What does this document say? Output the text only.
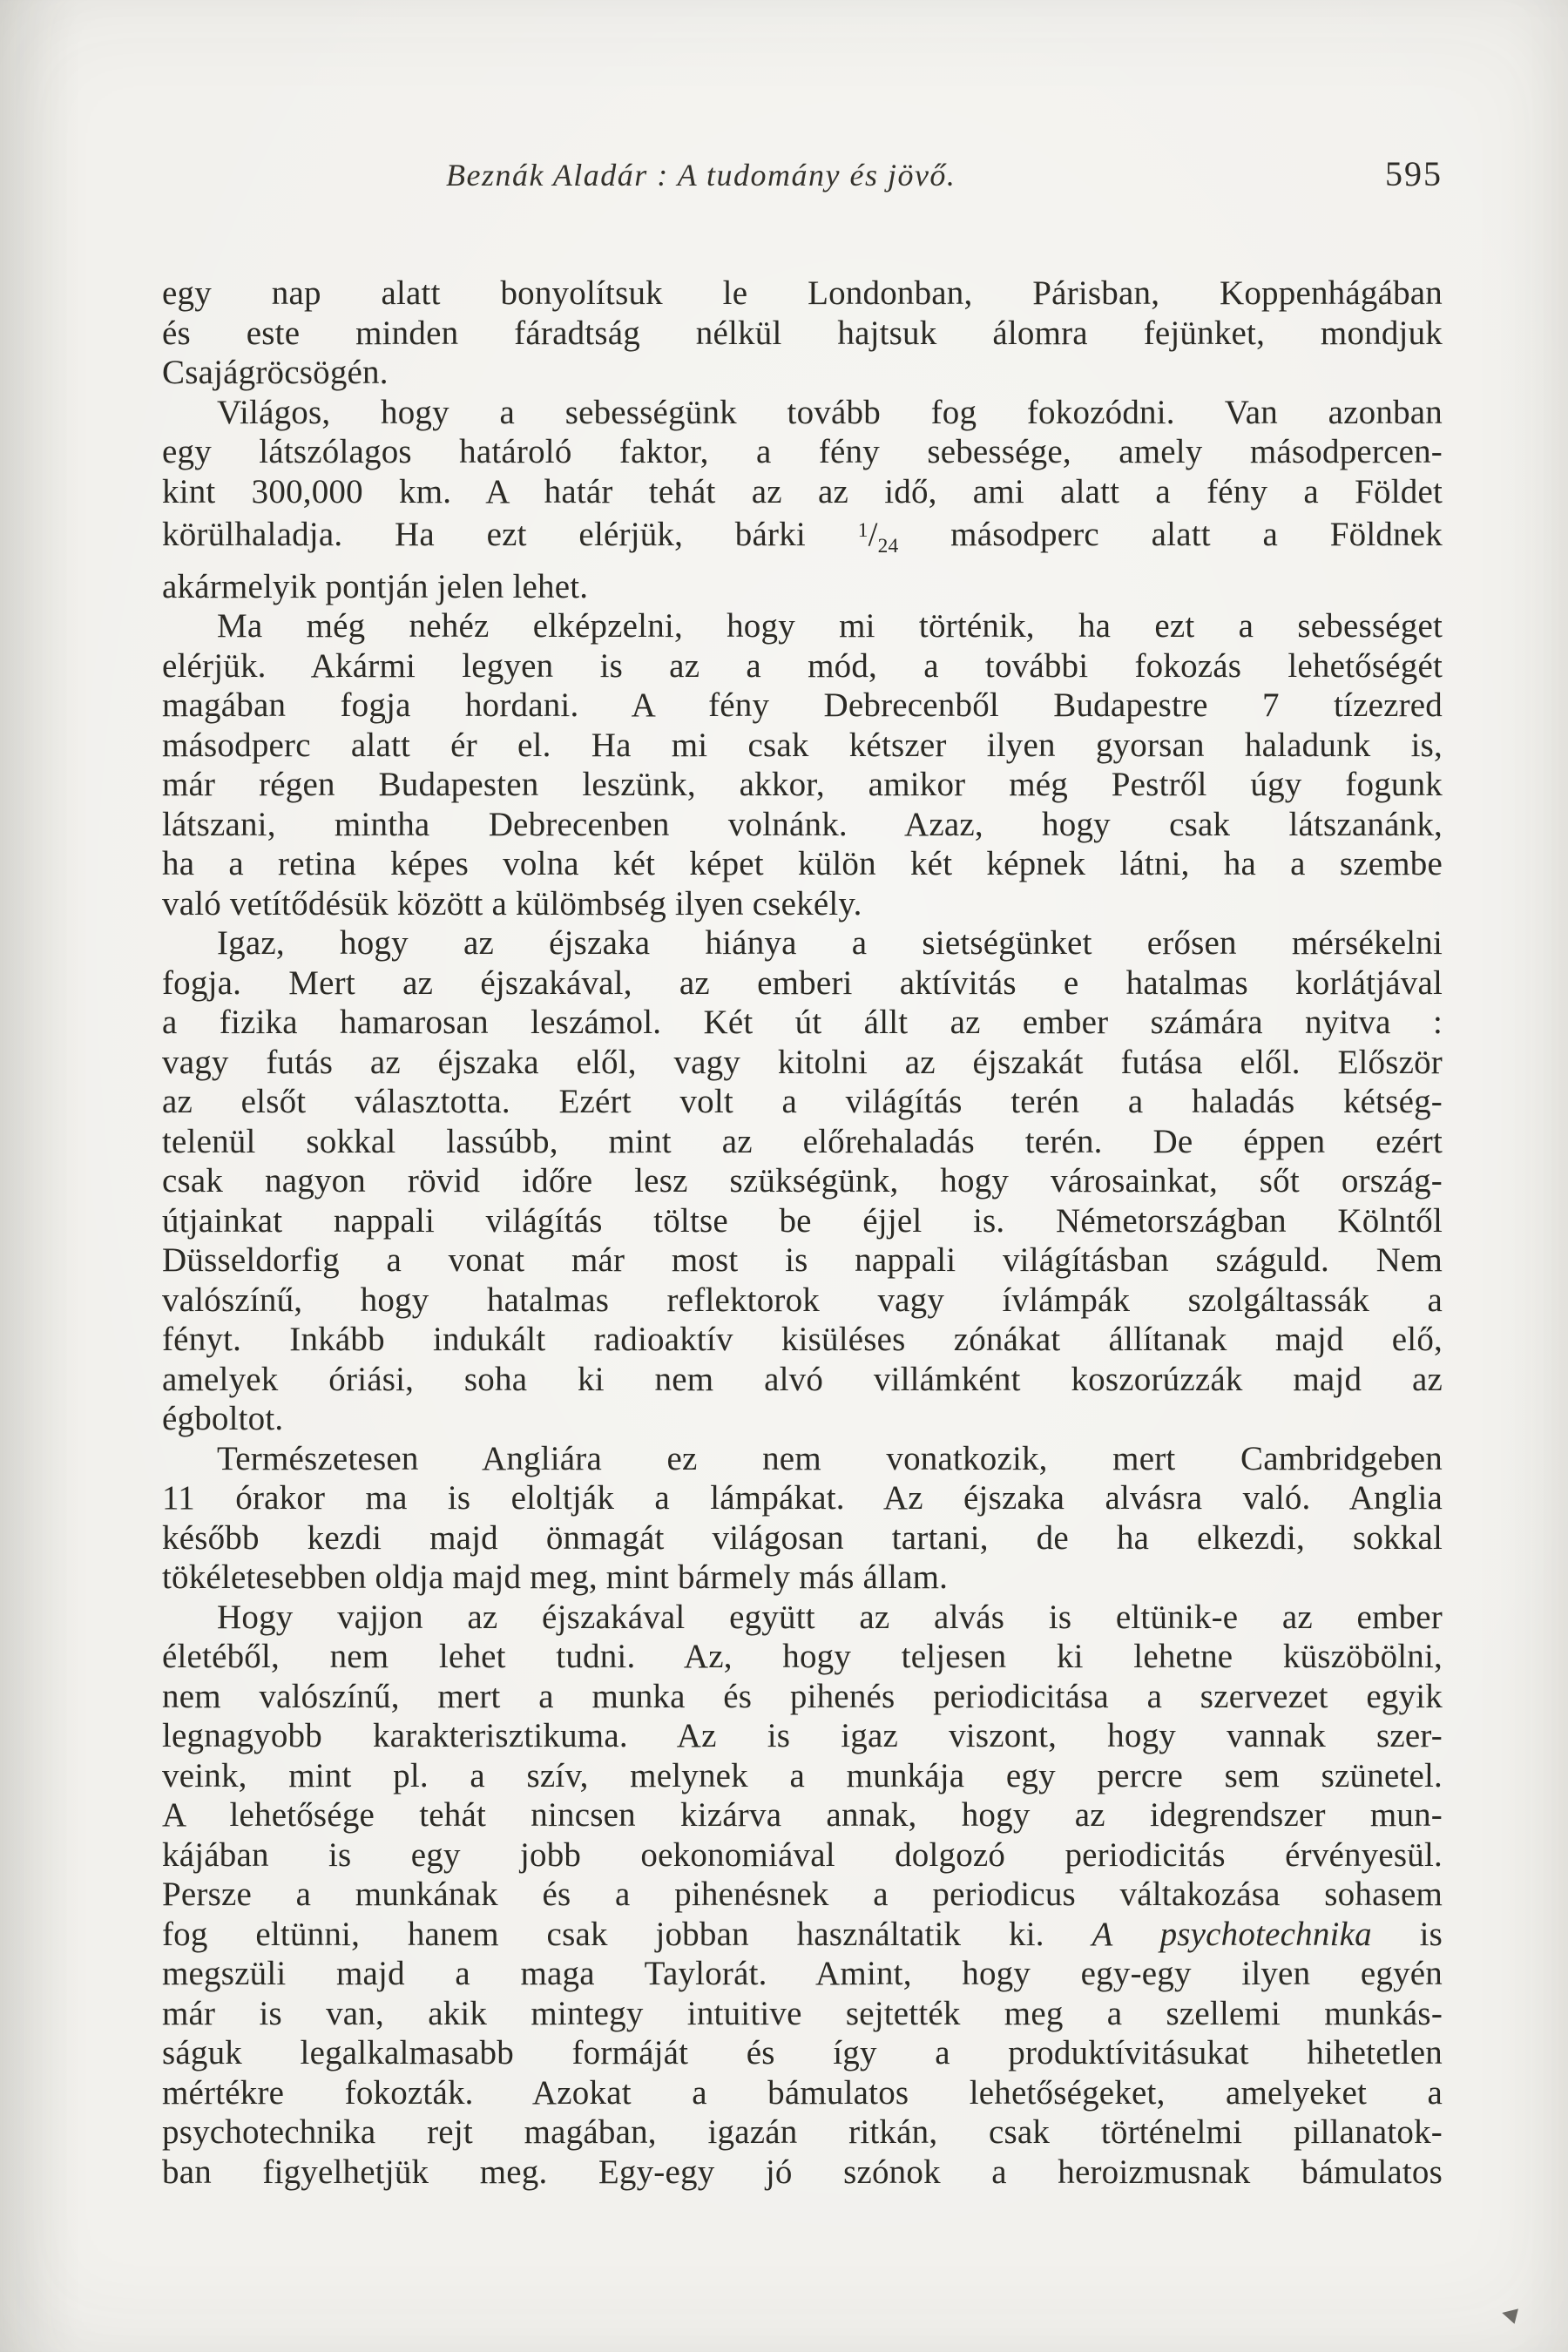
Beznák Aladár : A tudomány és jövő.	595
egy nap alatt bonyolítsuk le Londonban, Párisban, Koppenhágában
és este minden fáradtság nélkül hajtsuk álomra fejünket, mondjuk
Csajágröcsögén.
Világos, hogy a sebességünk tovább fog fokozódni. Van azonban
egy látszólagos határoló faktor, a fény sebessége, amely másodpercen-
kint 300,000 km. A határ tehát az az idő, ami alatt a fény a Földet
körülhaladja. Ha ezt elérjük, bárki $^1/_{24}$ másodperc alatt a Földnek
akármelyik pontján jelen lehet.
Ma még nehéz elképzelni, hogy mi történik, ha ezt a sebességet
elérjük. Akármi legyen is az a mód, a további fokozás lehetőségét
magában fogja hordani. A fény Debrecenből Budapestre 7 tízezred
másodperc alatt ér el. Ha mi csak kétszer ilyen gyorsan haladunk is,
már régen Budapesten leszünk, akkor, amikor még Pestről úgy fogunk
látszani, mintha Debrecenben volnánk. Azaz, hogy csak látszanánk,
ha a retina képes volna két képet külön két képnek látni, ha a szembe
való vetítődésük között a külömbség ilyen csekély.
Igaz, hogy az éjszaka hiánya a sietségünket erősen mérsékelni
fogja. Mert az éjszakával, az emberi aktívitás e hatalmas korlátjával
a fizika hamarosan leszámol. Két út állt az ember számára nyitva :
vagy futás az éjszaka elől, vagy kitolni az éjszakát futása elől. Először
az elsőt választotta. Ezért volt a világítás terén a haladás kétség-
telenül sokkal lassúbb, mint az előrehaladás terén. De éppen ezért
csak nagyon rövid időre lesz szükségünk, hogy városainkat, sőt ország-
útjainkat nappali világítás töltse be éjjel is. Németországban Kölntől
Düsseldorfig a vonat már most is nappali világításban száguld. Nem
valószínű, hogy hatalmas reflektorok vagy ívlámpák szolgáltassák a
fényt. Inkább indukált radioaktív kisüléses zónákat állítanak majd elő,
amelyek óriási, soha ki nem alvó villámként koszorúzzák majd az
égboltot.
Természetesen Angliára ez nem vonatkozik, mert Cambridgeben
11 órakor ma is eloltják a lámpákat. Az éjszaka alvásra való. Anglia
később kezdi majd önmagát világosan tartani, de ha elkezdi, sokkal
tökéletesebben oldja majd meg, mint bármely más állam.
Hogy vajjon az éjszakával együtt az alvás is eltünik-e az ember
életéből, nem lehet tudni. Az, hogy teljesen ki lehetne küszöbölni,
nem valószínű, mert a munka és pihenés periodicitása a szervezet egyik
legnagyobb karakterisztikuma. Az is igaz viszont, hogy vannak szer-
veink, mint pl. a szív, melynek a munkája egy percre sem szünetel.
A lehetősége tehát nincsen kizárva annak, hogy az idegrendszer mun-
kájában is egy jobb oekonomiával dolgozó periodicitás érvényesül.
Persze a munkának és a pihenésnek a periodicus váltakozása sohasem
fog eltünni, hanem csak jobban használtatik ki. A psychotechnika is
megszüli majd a maga Taylorát. Amint, hogy egy-egy ilyen egyén
már is van, akik mintegy intuitive sejtették meg a szellemi munkás-
ságuk legalkalmasabb formáját és így a produktívitásukat hihetetlen
mértékre fokozták. Azokat a bámulatos lehetőségeket, amelyeket a
psychotechnika rejt magában, igazán ritkán, csak történelmi pillanatok-
ban figyelhetjük meg. Egy-egy jó szónok a heroizmusnak bámulatos
